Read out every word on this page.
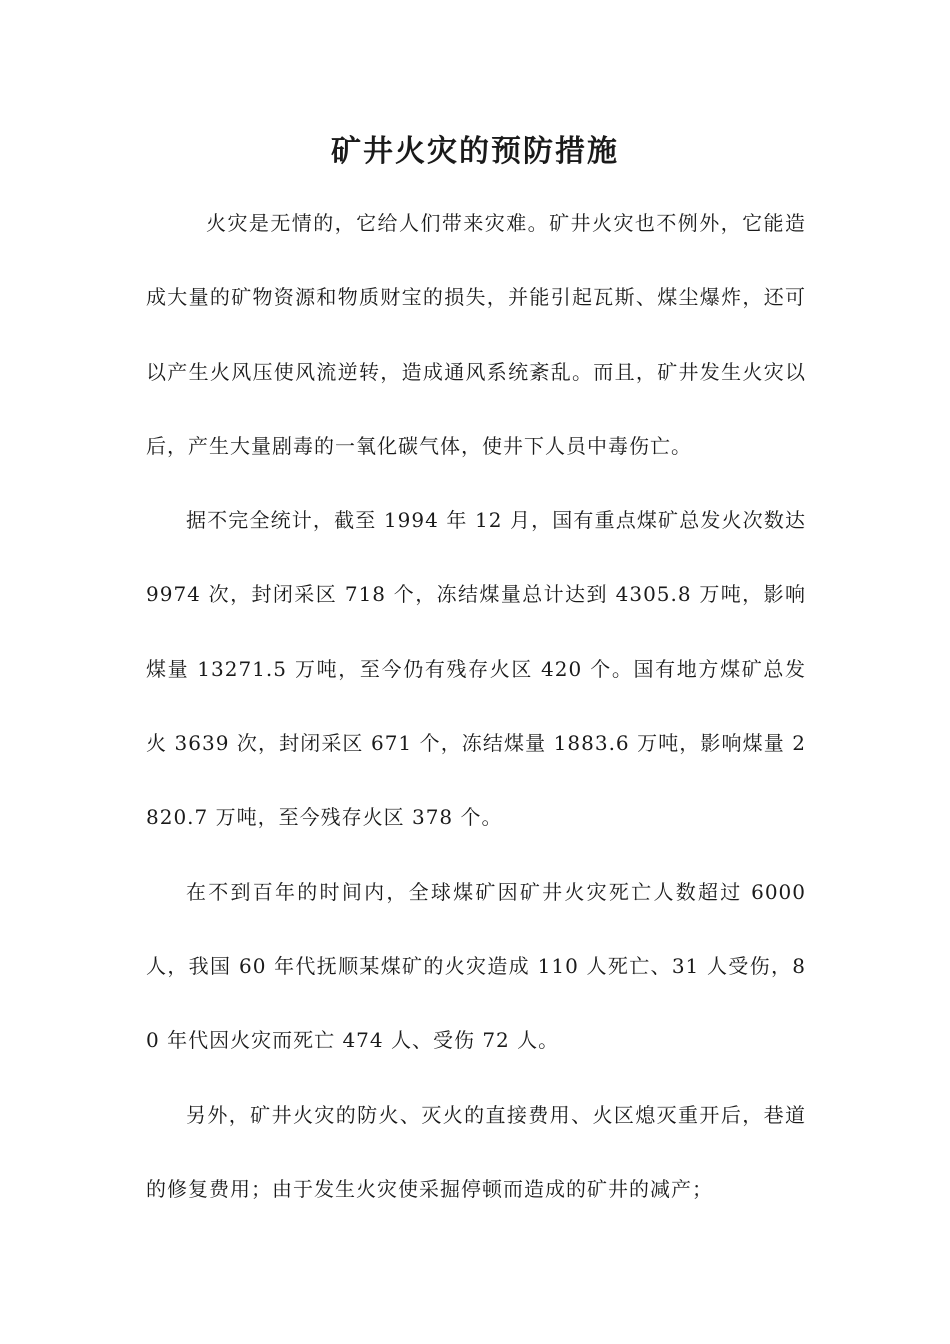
矿井火灾的预防措施

火灾是无情的，它给人们带来灾难。矿井火灾也不例外，它能造成大量的矿物资源和物质财宝的损失，并能引起瓦斯、煤尘爆炸，还可以产生火风压使风流逆转，造成通风系统紊乱。而且，矿井发生火灾以后，产生大量剧毒的一氧化碳气体，使井下人员中毒伤亡。

据不完全统计，截至 1994 年 12 月，国有重点煤矿总发火次数达 9974 次，封闭采区 718 个，冻结煤量总计达到 4305.8 万吨，影响煤量 13271.5 万吨，至今仍有残存火区 420 个。国有地方煤矿总发火 3639 次，封闭采区 671 个，冻结煤量 1883.6 万吨，影响煤量 2820.7 万吨，至今残存火区 378 个。

在不到百年的时间内，全球煤矿因矿井火灾死亡人数超过 6000 人，我国 60 年代抚顺某煤矿的火灾造成 110 人死亡、31 人受伤，80 年代因火灾而死亡 474 人、受伤 72 人。

另外，矿井火灾的防火、灭火的直接费用、火区熄灭重开后，巷道的修复费用；由于发生火灾使采掘停顿而造成的矿井的减产；
